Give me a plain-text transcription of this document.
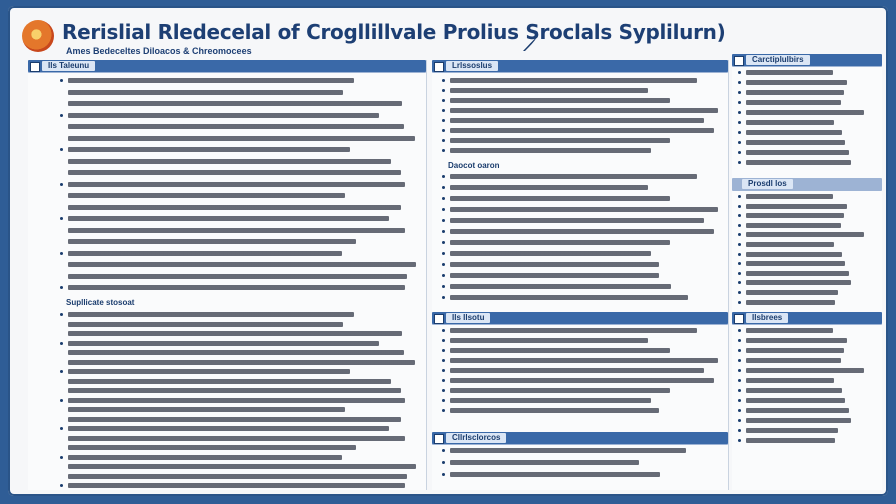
Rerislial Rledecelal of Crogllillvale Prolius Sroclals Syplilurn)

Ames Bedeceltes Diloacos & Chreomocees

Ils Taleunu
Supllicate stosoat
Lrlssoslus
Daocot oaron
Ils Ilsotu
Cllrlsclorcos
Carctiplulbirs
Prosdl los
Ilsbrees
